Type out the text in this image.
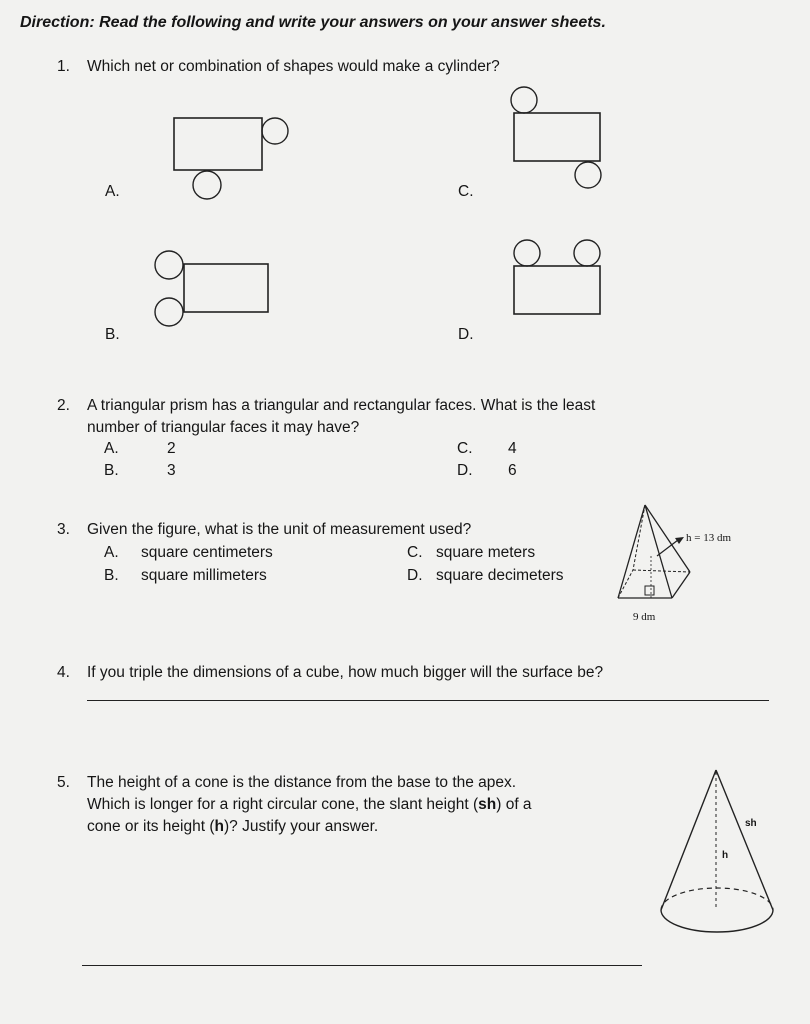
Direction: Read the following and write your answers on your answer sheets.
1. Which net or combination of shapes would make a cylinder?
A.
B.
C.
D.
2. A triangular prism has a triangular and rectangular faces. What is the least
number of triangular faces it may have?
A.	2
B.	3
C. 4
D. 6
3. Given the figure, what is the unit of measurement used?
A. square centimeters
B. square millimeters
C. square meters
D. square decimeters
h = 13 dm
9 dm
4. If you triple the dimensions of a cube, how much bigger will the surface be?
5. The height of a cone is the distance from the base to the apex.
Which is longer for a right circular cone, the slant height (sh) of a
cone or its height (h)? Justify your answer.	sh
h
